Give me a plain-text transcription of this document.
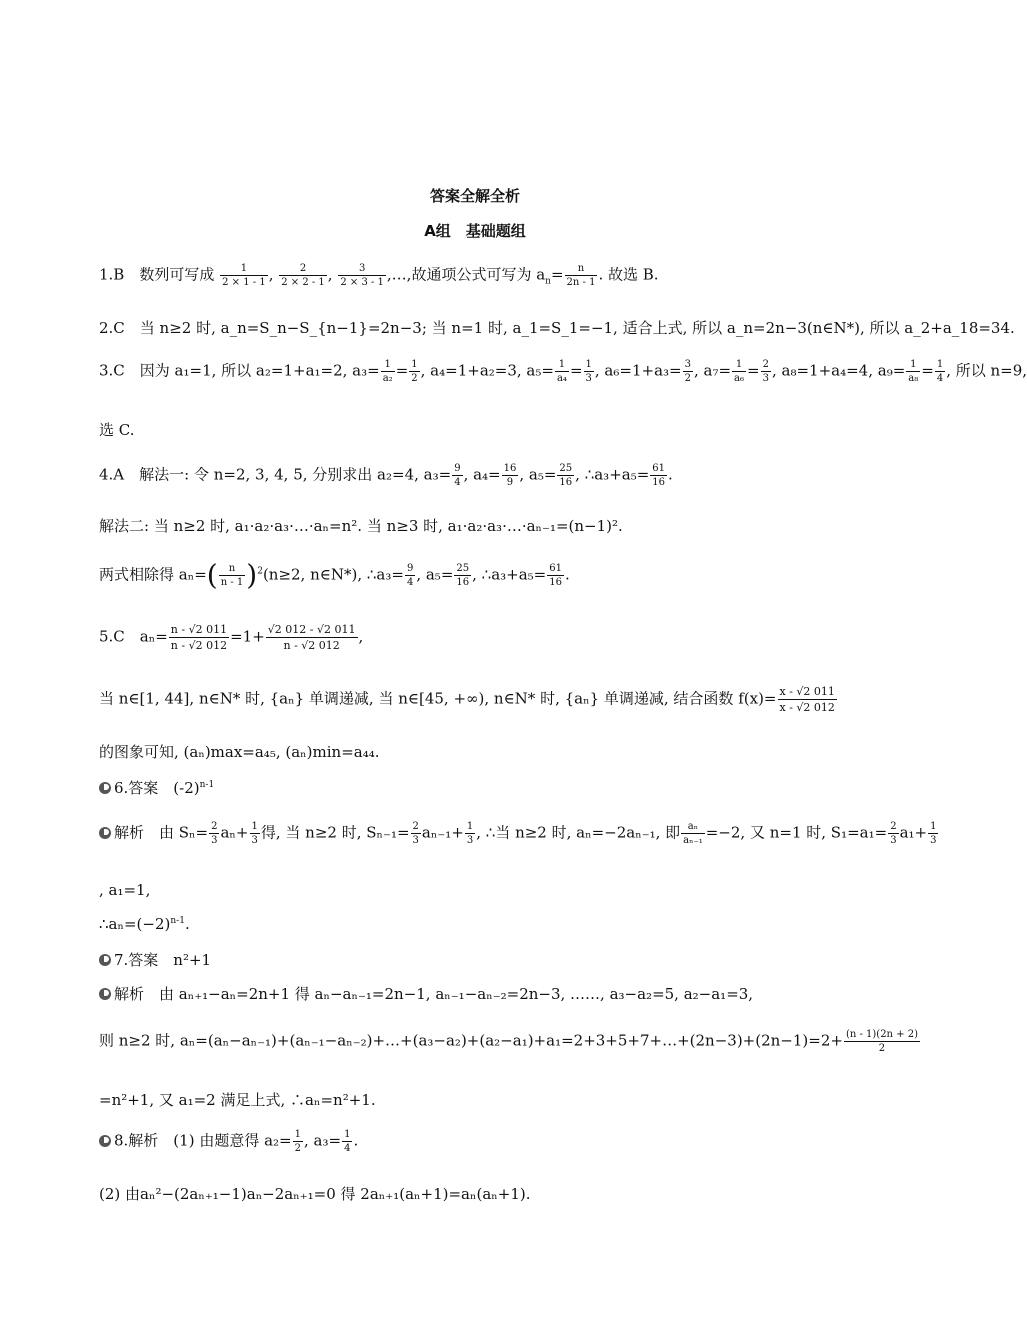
答案全解全析
A组　基础题组
1.B　数列可写成 $\frac{1}{2 \times 1 - 1}$ , $\frac{2}{2 \times 2 - 1}$ , $\frac{3}{2 \times 3 - 1}$ ,…,故通项公式可写为 $a_n= \frac{n}{2n - 1}$ . 故选 B.
2.C　当 n≥2 时, a_n=S_n−S_{n−1}=2n−3; 当 n=1 时, a_1=S_1=−1, 适合上式, 所以 a_n=2n−3(n∈N*), 所以 a_2+a_18=34.
3.C　因为 a₁=1, 所以 a₂=1+a₁=2, $a_3= \frac{1}{\text{a₂}} = \frac{1}{2}$ , a₄=1+a₂=3, $a_5= \frac{1}{\text{a₄}} = \frac{1}{3}$ , $a_6=1+a_3= \frac{3}{2}$ , $a_7= \frac{1}{\text{a₆}} = \frac{2}{3}$ , a₈=1+a₄=4, $a_9= \frac{1}{\text{a₈}} = \frac{1}{4}$ , 所以 n=9,
选 C.
4.A　解法一: 令 n=2, 3, 4, 5, 分别求出 a₂=4, $a_3= \frac{9}{4}$ , $a_4= \frac{16}{9}$ , $a_5= \frac{25}{16}$ , ∴a₃+a₅= $\frac{61}{16}$ .
解法二: 当 n≥2 时, a₁·a₂·a₃·…·aₙ=n². 当 n≥3 时, a₁·a₂·a₃·…·aₙ₋₁=(n−1)².
两式相除得 $a_n=( \frac{n}{n - 1} )^2(n\ge 2$, n∈N*), ∴a₃= $\frac{9}{4}$ , $a_5= \frac{25}{16}$ , ∴a₃+a₅= $\frac{61}{16}$ .
5.C　$a_n= \frac{n - √2 011}{n - √2 012} =1+ \frac{√2 012 - √2 011}{n - √2 012}$ ,
当 n∈[1, 44], n∈N* 时, {aₙ} 单调递减, 当 n∈[45, +∞), n∈N* 时, {aₙ} 单调递减, 结合函数 $f(x)= \frac{x - √2 011}{x - √2 012}$
的图象可知, (aₙ)max=a₄₅, (aₙ)min=a₄₄.
6.答案　$(-2)^{n-1}$
解析　由 $S_n= \frac{2}{3} a_n+ \frac{1}{3}$ 得, 当 n≥2 时, $S_{n-1}= \frac{2}{3} a_{n-1}+ \frac{1}{3}$ , ∴当 n≥2 时, aₙ=−2aₙ₋₁, 即 $\frac{\text{aₙ}}{\text{aₙ₋₁}} =-2$, 又 n=1 时, $S_1=a_1= \frac{2}{3} a_1+ \frac{1}{3}$
, a₁=1,
$\therefore a_n=(-2)^{n-1}$.
7.答案　n²+1
解析　由 aₙ₊₁−aₙ=2n+1 得 aₙ−aₙ₋₁=2n−1, aₙ₋₁−aₙ₋₂=2n−3, ……, a₃−a₂=5, a₂−a₁=3,
则 n≥2 时, aₙ=(aₙ−aₙ₋₁)+(aₙ₋₁−aₙ₋₂)+…+(a₃−a₂)+(a₂−a₁)+a₁=2+3+5+7+…+(2n−3)+(2n−1)=2+ $\frac{(n - 1)(2n + 2)}{2}$
=n²+1, 又 a₁=2 满足上式, ∴aₙ=n²+1.
8.解析　(1) 由题意得 $a_2= \frac{1}{2}$ , $a_3= \frac{1}{4}$ .
(2) 由aₙ²−(2aₙ₊₁−1)aₙ−2aₙ₊₁=0 得 2aₙ₊₁(aₙ+1)=aₙ(aₙ+1).
